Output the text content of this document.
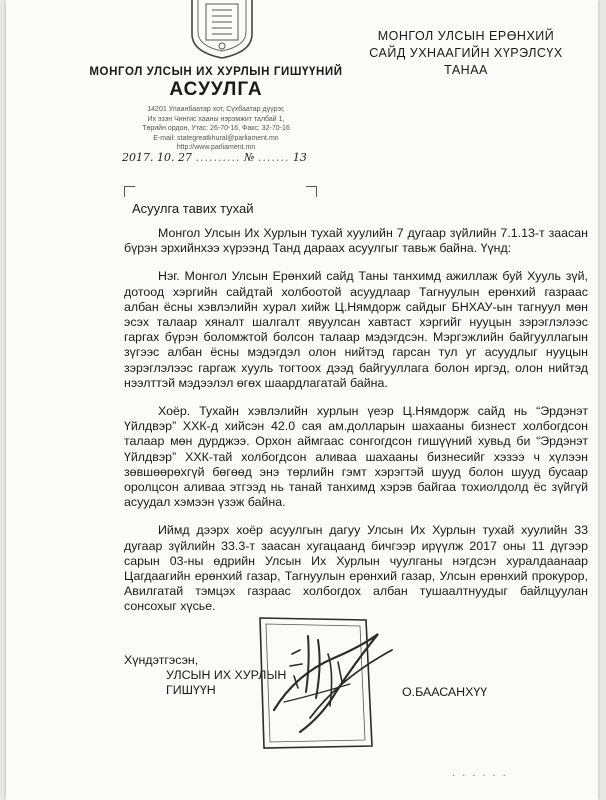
МОНГОЛ УЛСЫН ИХ ХУРЛЫН ГИШҮҮНИЙ
АСУУЛГА
14201 Улаанбаатар хот, Сүхбаатар дүүрэг,
Их эзэн Чингис хааны нэрэмжит талбай 1,
Төрийн ордон, Утас: 26-70-16, Факс: 32-70-16
E-mail: stategreatkhural@parliament.mn
http://www.parliament.mn
2017. 10. 27 .......... № ....... 13
МОНГОЛ УЛСЫН ЕРӨНХИЙ
САЙД УХНААГИЙН ХҮРЭЛСҮХ
ТАНАА
Асуулга тавих тухай

Монгол Улсын Их Хурлын тухай хуулийн 7 дугаар зүйлийн 7.1.13-т заасан бүрэн эрхийнхээ хүрээнд Танд дараах асуулгыг тавьж байна. Үүнд:

Нэг. Монгол Улсын Ерөнхий сайд Таны танхимд ажиллаж буй Хууль зүй, дотоод хэргийн сайдтай холбоотой асуудлаар Тагнуулын ерөнхий газраас албан ёсны хэвлэлийн хурал хийж Ц.Нямдорж сайдыг БНХАУ-ын тагнуул мөн эсэх талаар хяналт шалгалт явуулсан хавтаст хэргийг нууцын зэрэглэлээс гаргах бүрэн боломжтой болсон талаар мэдэгдсэн. Мэргэжлийн байгууллагын зүгээс албан ёсны мэдэгдэл олон нийтэд гарсан тул уг асуудлыг нууцын зэрэглэлээс гаргаж хууль тогтоох дээд байгууллага болон иргэд, олон нийтэд нээлттэй мэдээлэл өгөх шаардлагатай байна.

Хоёр. Тухайн хэвлэлийн хурлын үеэр Ц.Нямдорж сайд нь “Эрдэнэт Үйлдвэр” ХХК-д хийсэн 42.0 сая ам.долларын шахааны бизнест холбогдсон талаар мөн дурджээ. Орхон аймгаас сонгогдсон гишүүний хувьд би “Эрдэнэт Үйлдвэр” ХХК-тай холбогдсон аливаа шахааны бизнесийг хэзээ ч хүлээн зөвшөөрөхгүй бөгөөд энэ төрлийн гэмт хэрэгтэй шууд болон шууд бусаар оролцсон аливаа этгээд нь танай танхимд хэрэв байгаа тохиолдолд ёс зүйгүй асуудал хэмээн үзэж байна.

Иймд дээрх хоёр асуулгын дагуу Улсын Их Хурлын тухай хуулийн 33 дугаар зүйлийн 33.3-т заасан хугацаанд бичгээр ирүүлж 2017 оны 11 дүгээр сарын 03-ны өдрийн Улсын Их Хурлын чуулганы нэгдсэн хуралдаанаар Цагдаагийн ерөнхий газар, Тагнуулын ерөнхий газар, Улсын ерөнхий прокурор, Авилгатай тэмцэх газраас холбогдох албан тушаалтнуудыг байлцуулан сонсохыг хүсье.

Хүндэтгэсэн,
УЛСЫН ИХ ХУРЛЫН
ГИШҮҮН	О.БААСАНХҮҮ
· · · · · ·
